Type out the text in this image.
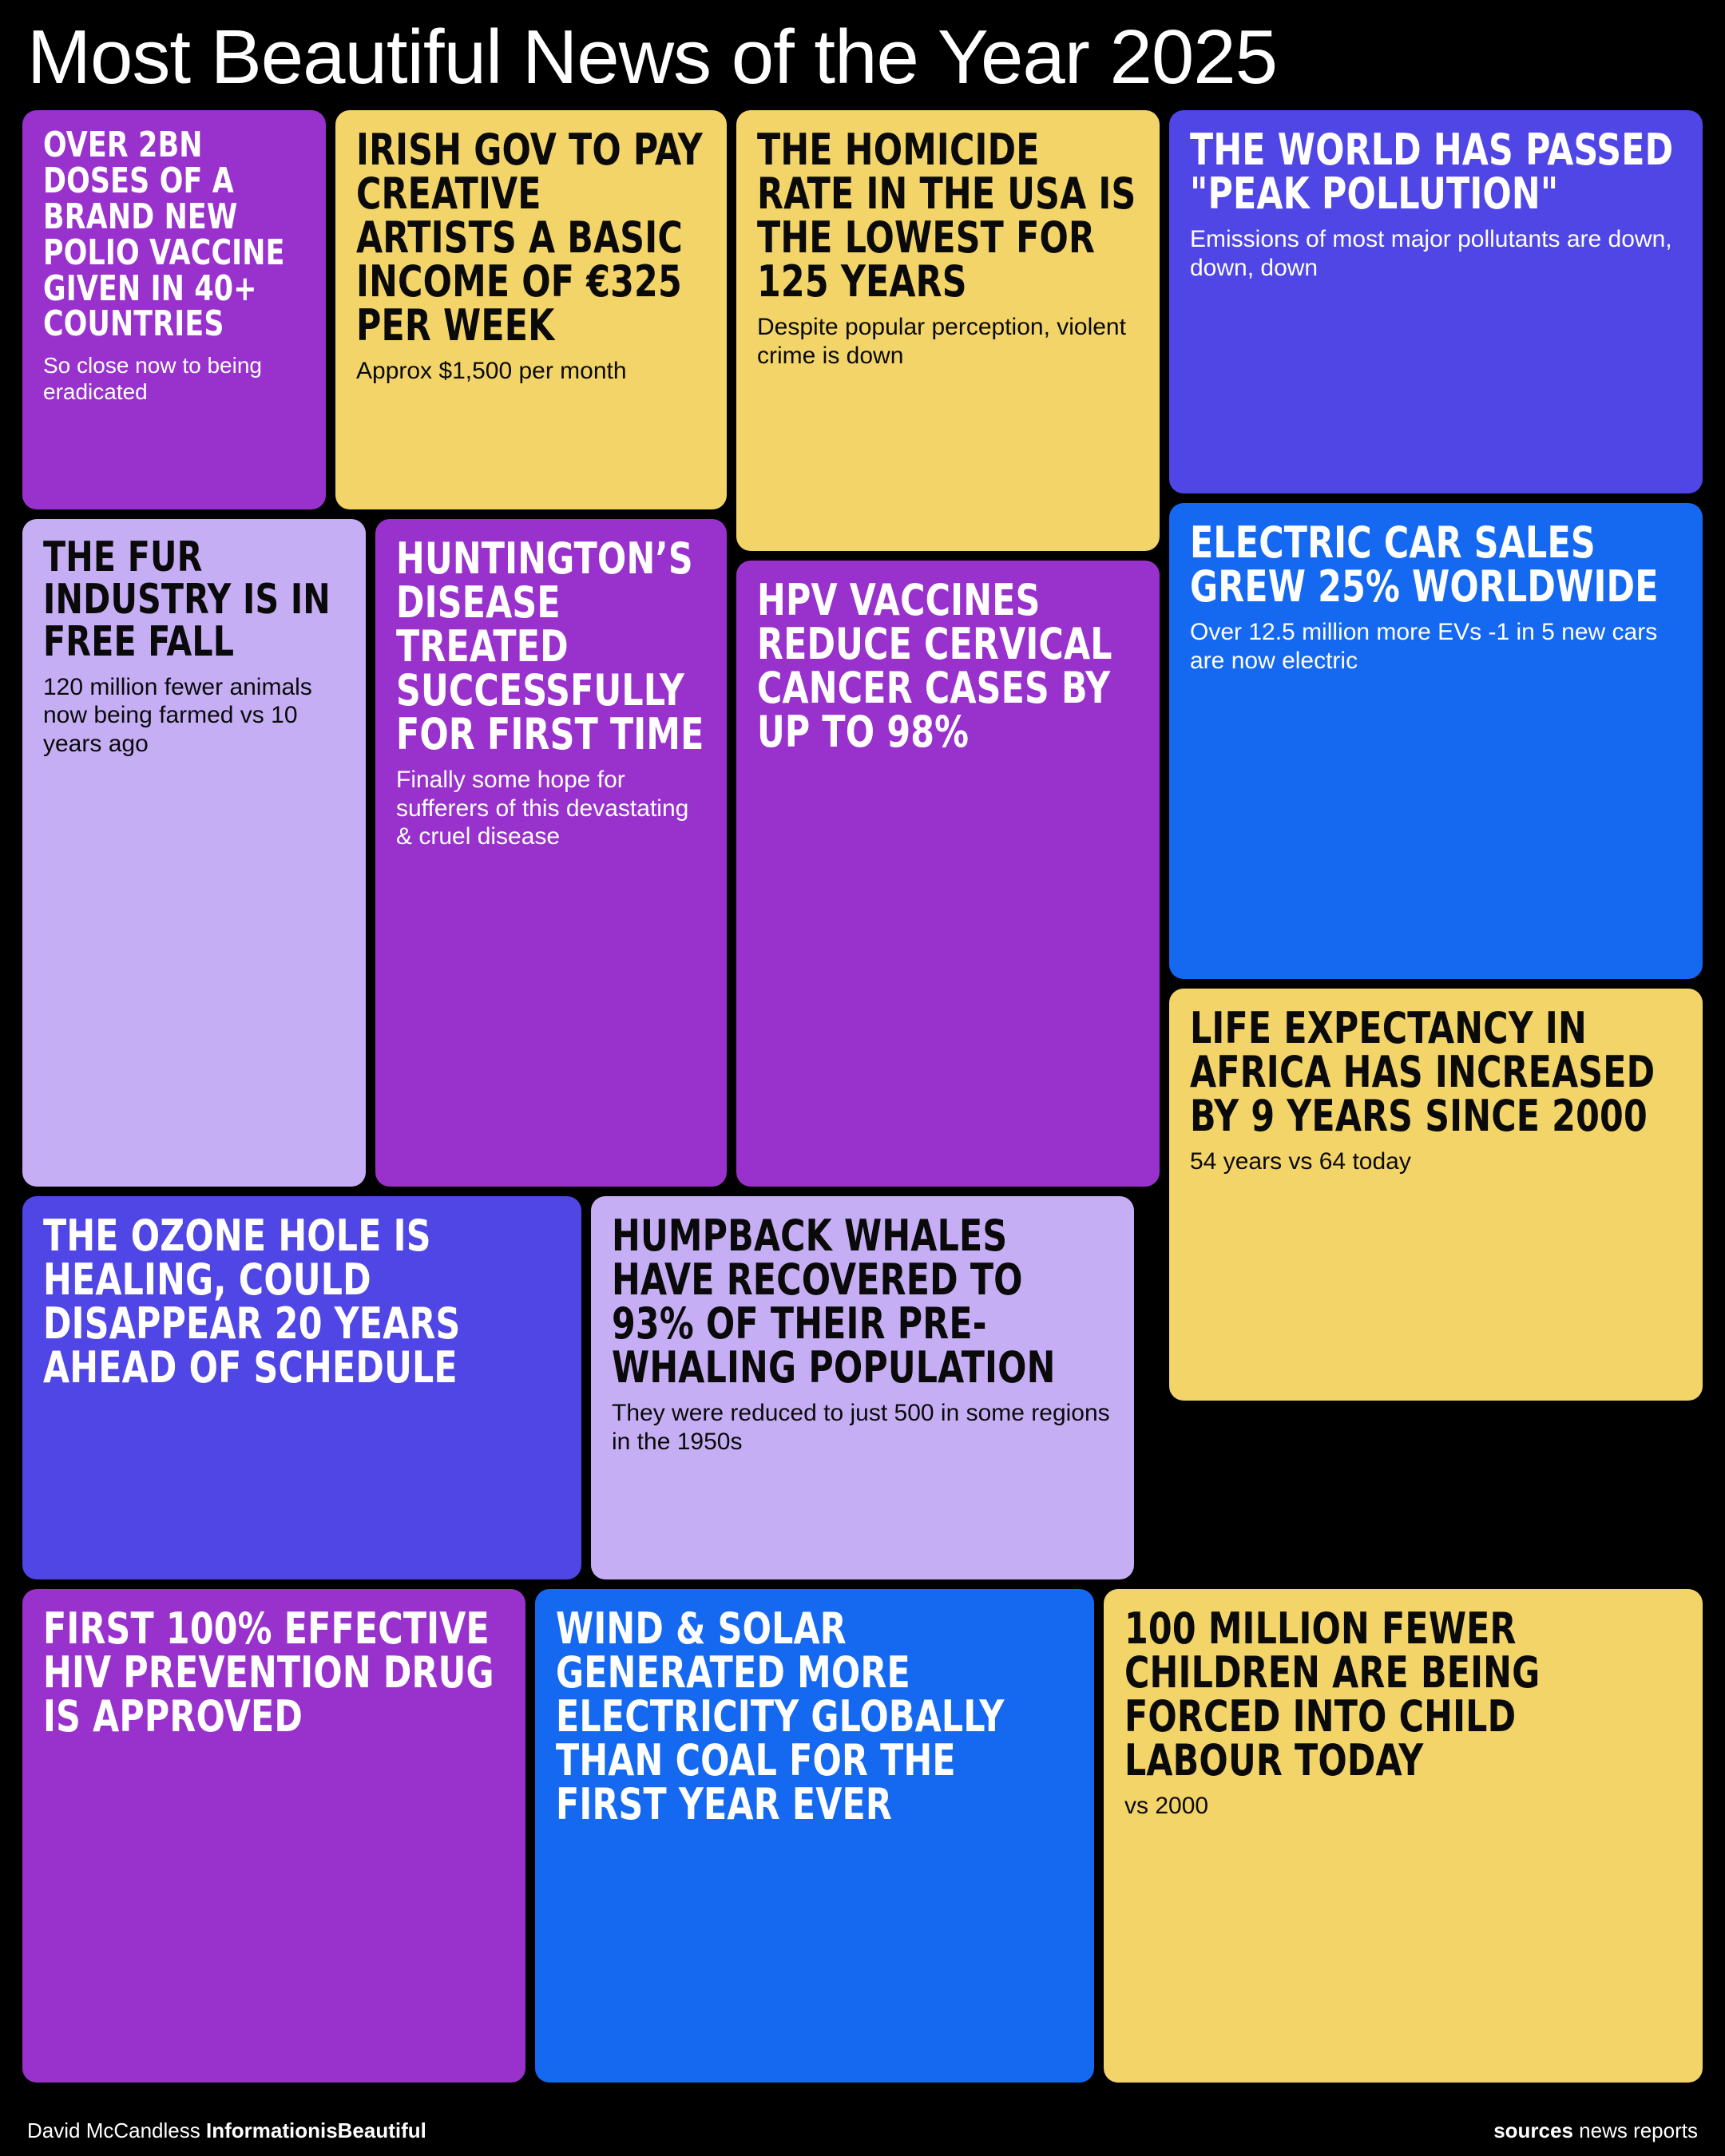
Most Beautiful News of the Year 2025
OVER 2BN DOSES OF A BRAND NEW POLIO VACCINE GIVEN IN 40+ COUNTRIES
So close now to being eradicated
IRISH GOV TO PAY CREATIVE ARTISTS A BASIC INCOME OF €325 PER WEEK
Approx $1,500 per month
THE HOMICIDE RATE IN THE USA IS THE LOWEST FOR 125 YEARS
Despite popular perception, violent crime is down
THE WORLD HAS PASSED "PEAK POLLUTION"
Emissions of most major pollutants are down, down, down
THE FUR INDUSTRY IS IN FREE FALL
120 million fewer animals now being farmed vs 10 years ago
HUNTINGTON’S DISEASE TREATED SUCCESSFULLY FOR FIRST TIME
Finally some hope for sufferers of this devastating & cruel disease
HPV VACCINES REDUCE CERVICAL CANCER CASES BY UP TO 98%
ELECTRIC CAR SALES GREW 25% WORLDWIDE
Over 12.5 million more EVs -1 in 5 new cars are now electric
LIFE EXPECTANCY IN AFRICA HAS INCREASED BY 9 YEARS SINCE 2000
54 years vs 64 today
THE OZONE HOLE IS HEALING, COULD DISAPPEAR 20 YEARS AHEAD OF SCHEDULE
HUMPBACK WHALES HAVE RECOVERED TO 93% OF THEIR PRE-WHALING POPULATION
They were reduced to just 500 in some regions in the 1950s
FIRST 100% EFFECTIVE HIV PREVENTION DRUG IS APPROVED
WIND & SOLAR GENERATED MORE ELECTRICITY GLOBALLY THAN COAL FOR THE FIRST YEAR EVER
100 MILLION FEWER CHILDREN ARE BEING FORCED INTO CHILD LABOUR TODAY
vs 2000
David McCandless InformationisBeautiful	sources news reports
